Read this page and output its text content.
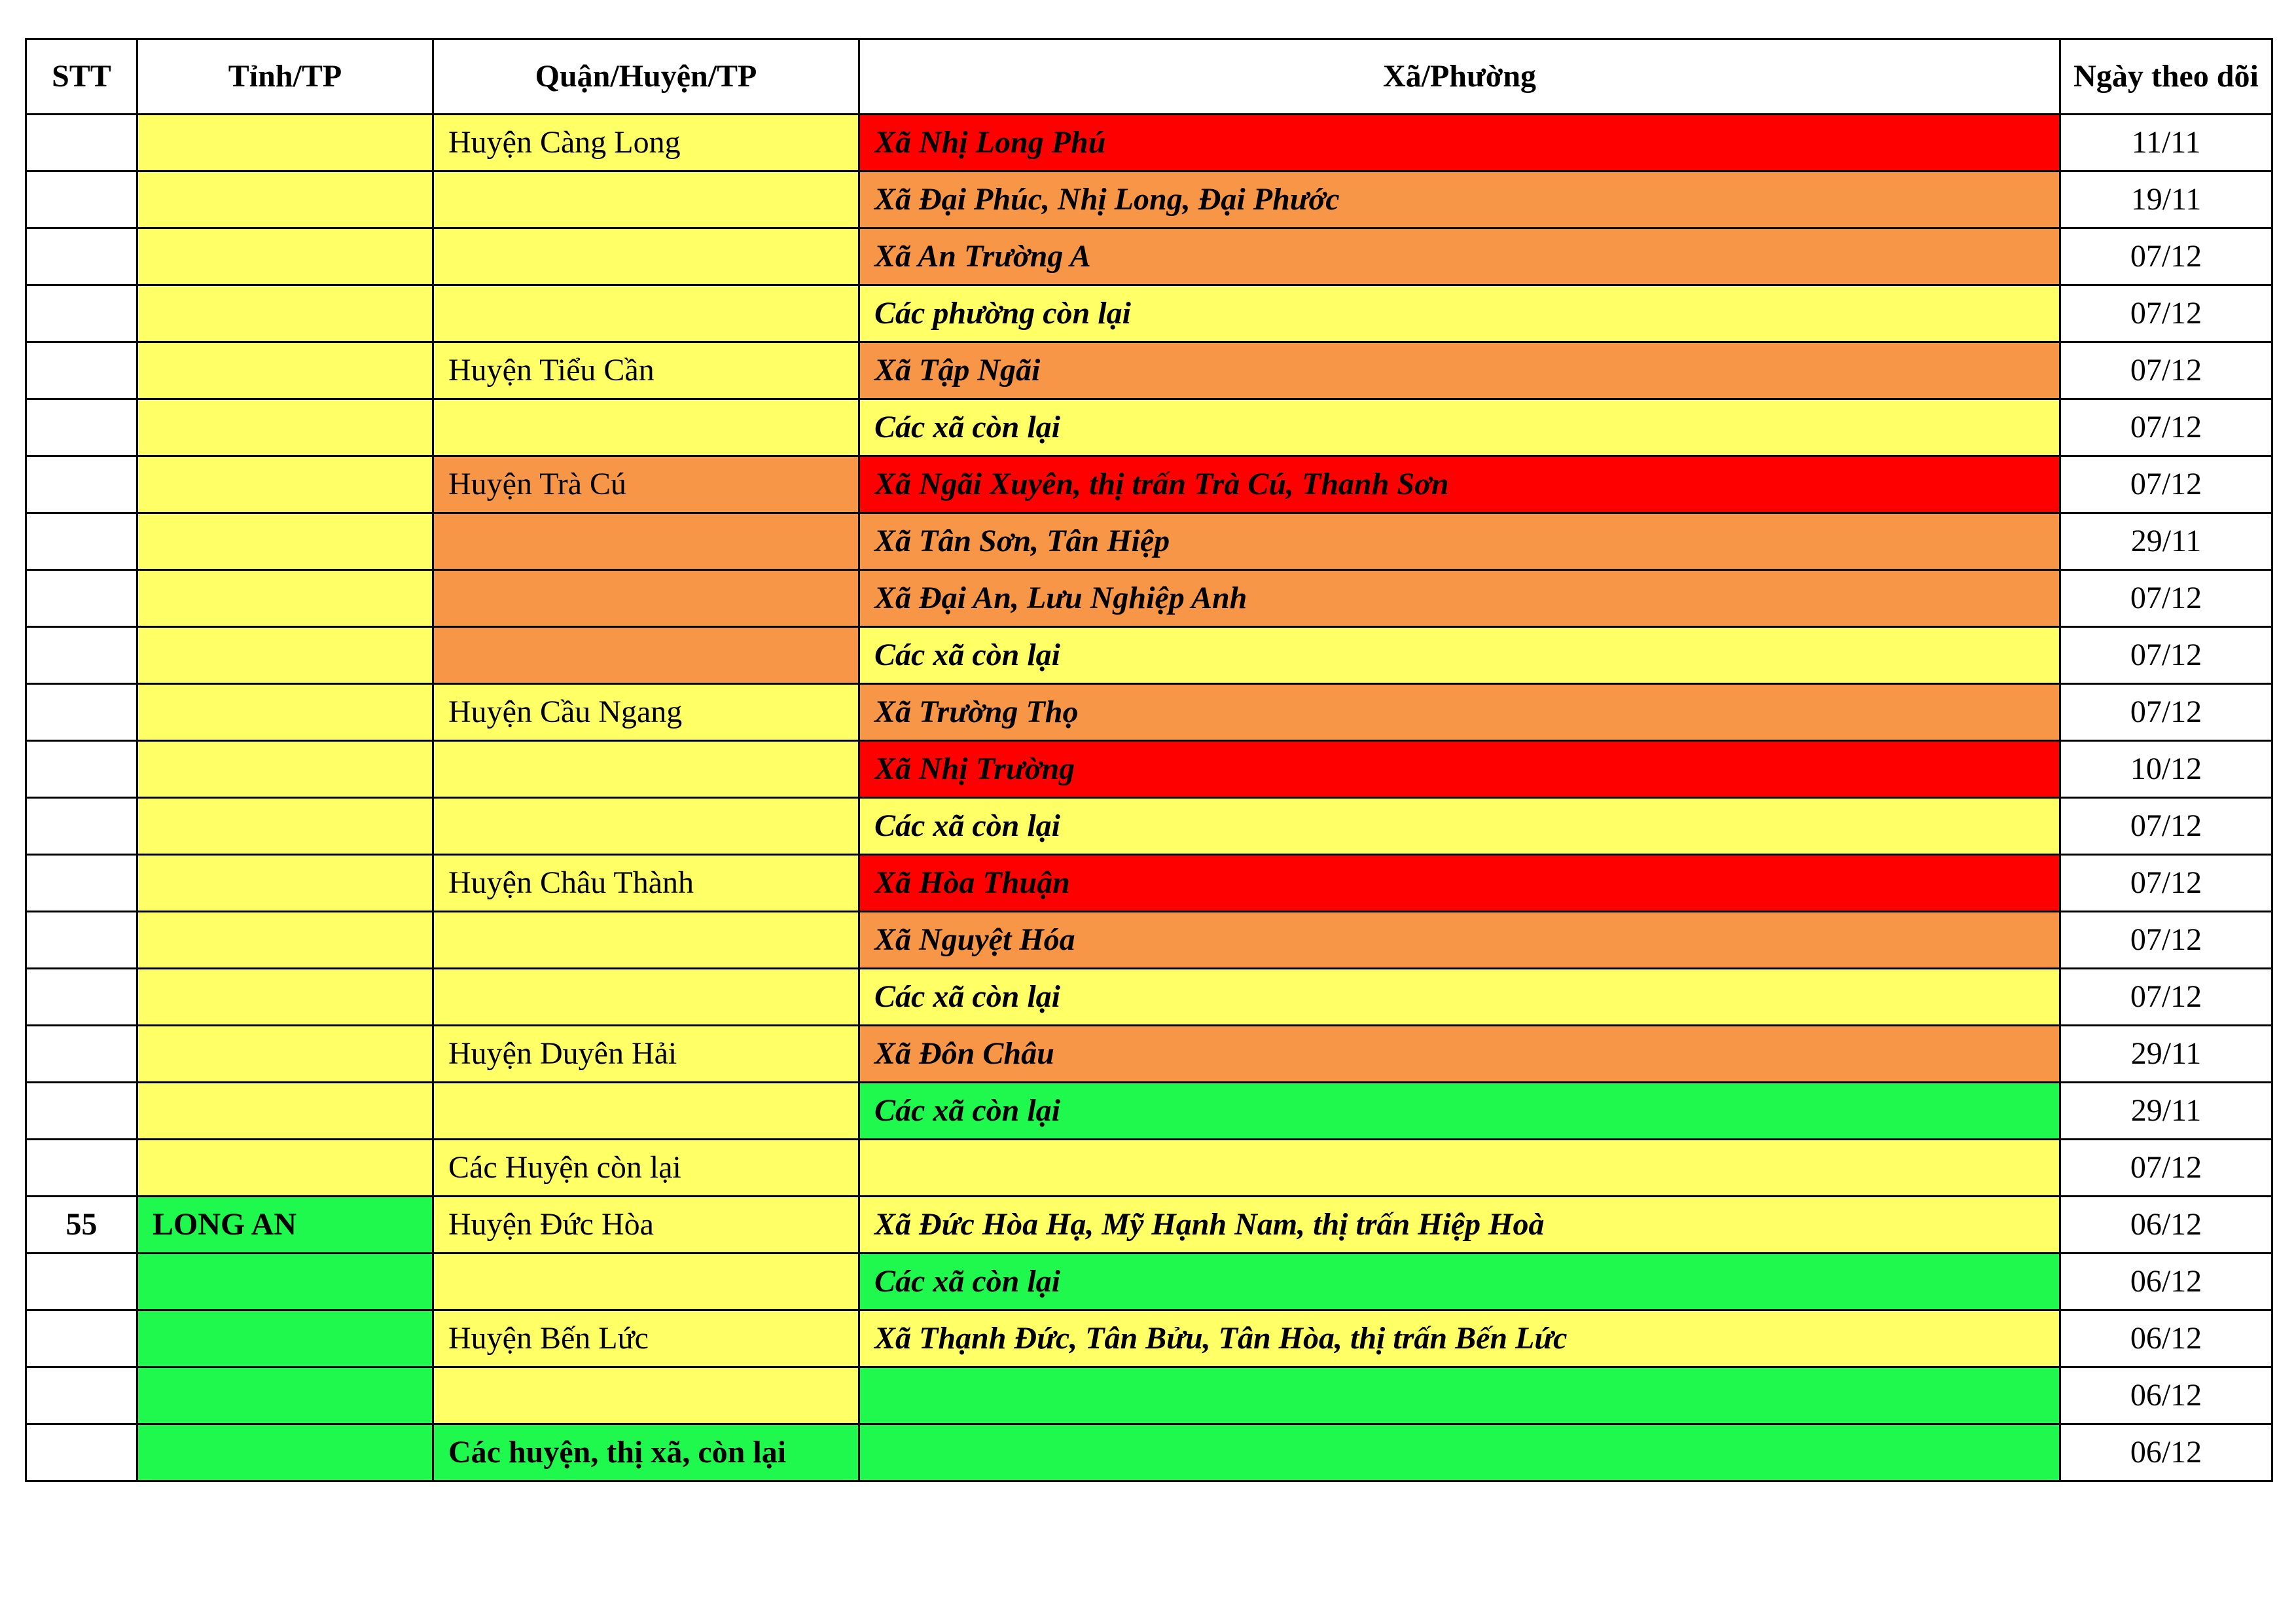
STT	Tỉnh/TP	Quận/Huyện/TP	Xã/Phường	Ngày theo dõi
		Huyện Càng Long	Xã Nhị Long Phú	11/11
			Xã Đại Phúc, Nhị Long, Đại Phước	19/11
			Xã An Trường A	07/12
			Các phường còn lại	07/12
		Huyện Tiểu Cần	Xã Tập Ngãi	07/12
			Các xã còn lại	07/12
		Huyện Trà Cú	Xã Ngãi Xuyên, thị trấn Trà Cú, Thanh Sơn	07/12
			Xã Tân Sơn, Tân Hiệp	29/11
			Xã Đại An, Lưu Nghiệp Anh	07/12
			Các xã còn lại	07/12
		Huyện Cầu Ngang	Xã Trường Thọ	07/12
			Xã Nhị Trường	10/12
			Các xã còn lại	07/12
		Huyện Châu Thành	Xã Hòa Thuận	07/12
			Xã Nguyệt Hóa	07/12
			Các xã còn lại	07/12
		Huyện Duyên Hải	Xã Đôn Châu	29/11
			Các xã còn lại	29/11
		Các Huyện còn lại		07/12
55	LONG AN	Huyện Đức Hòa	Xã Đức Hòa Hạ, Mỹ Hạnh Nam, thị trấn Hiệp Hoà	06/12
			Các xã còn lại	06/12
		Huyện Bến Lức	Xã Thạnh Đức, Tân Bửu, Tân Hòa, thị trấn Bến Lức	06/12
				06/12
		Các huyện, thị xã, còn lại		06/12
